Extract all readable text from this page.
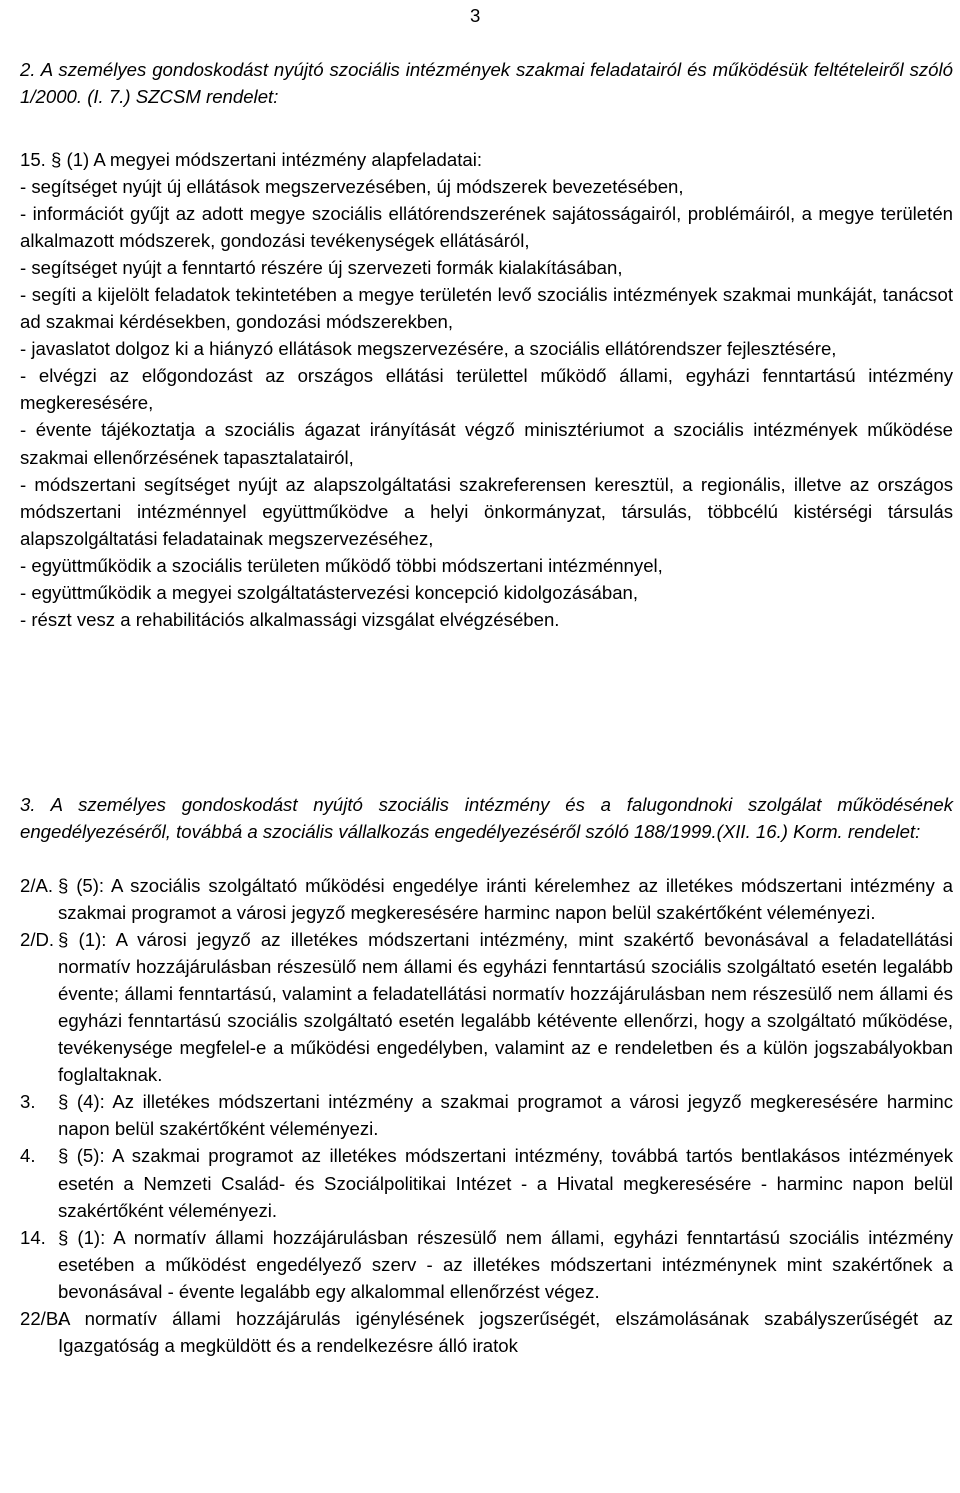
3
2. A személyes gondoskodást nyújtó szociális intézmények szakmai feladatairól és működésük feltételeiről szóló 1/2000. (I. 7.) SZCSM rendelet:
15. § (1) A megyei módszertani intézmény alapfeladatai:
- segítséget nyújt új ellátások megszervezésében, új módszerek bevezetésében,
- információt gyűjt az adott megye szociális ellátórendszerének sajátosságairól, problémáiról, a megye területén alkalmazott módszerek, gondozási tevékenységek ellátásáról,
- segítséget nyújt a fenntartó részére új szervezeti formák kialakításában,
- segíti a kijelölt feladatok tekintetében a megye területén levő szociális intézmények szakmai munkáját, tanácsot ad szakmai kérdésekben, gondozási módszerekben,
- javaslatot dolgoz ki a hiányzó ellátások megszervezésére, a szociális ellátórendszer fejlesztésére,
- elvégzi az előgondozást az országos ellátási területtel működő állami, egyházi fenntartású intézmény megkeresésére,
- évente tájékoztatja a szociális ágazat irányítását végző minisztériumot a szociális intézmények működése szakmai ellenőrzésének tapasztalatairól,
- módszertani segítséget nyújt az alapszolgáltatási szakreferensen keresztül, a regionális, illetve az országos módszertani intézménnyel együttműködve a helyi önkormányzat, társulás, többcélú kistérségi társulás alapszolgáltatási feladatainak megszervezéséhez,
- együttműködik a szociális területen működő többi módszertani intézménnyel,
- együttműködik a megyei szolgáltatástervezési koncepció kidolgozásában,
- részt vesz a rehabilitációs alkalmassági vizsgálat elvégzésében.
3. A személyes gondoskodást nyújtó szociális intézmény és a falugondnoki szolgálat működésének engedélyezéséről, továbbá a szociális vállalkozás engedélyezéséről szóló 188/1999.(XII. 16.) Korm. rendelet:
2/A. § (5): A szociális szolgáltató működési engedélye iránti kérelemhez az illetékes módszertani intézmény a szakmai programot a városi jegyző megkeresésére harminc napon belül szakértőként véleményezi.
2/D. § (1): A városi jegyző az illetékes módszertani intézmény, mint szakértő bevonásával a feladatellátási normatív hozzájárulásban részesülő nem állami és egyházi fenntartású szociális szolgáltató esetén legalább évente; állami fenntartású, valamint a feladatellátási normatív hozzájárulásban nem részesülő nem állami és egyházi fenntartású szociális szolgáltató esetén legalább kétévente ellenőrzi, hogy a szolgáltató működése, tevékenysége megfelel-e a működési engedélyben, valamint az e rendeletben és a külön jogszabályokban foglaltaknak.
3. § (4): Az illetékes módszertani intézmény a szakmai programot a városi jegyző megkeresésére harminc napon belül szakértőként véleményezi.
4. § (5): A szakmai programot az illetékes módszertani intézmény, továbbá tartós bentlakásos intézmények esetén a Nemzeti Család- és Szociálpolitikai Intézet - a Hivatal megkeresésére - harminc napon belül szakértőként véleményezi.
14. § (1): A normatív állami hozzájárulásban részesülő nem állami, egyházi fenntartású szociális intézmény esetében a működést engedélyező szerv - az illetékes módszertani intézménynek mint szakértőnek a bevonásával - évente legalább egy alkalommal ellenőrzést végez.
22/B.
A normatív állami hozzájárulás igénylésének jogszerűségét, elszámolásának szabályszerűségét az Igazgatóság a megküldött és a rendelkezésre álló iratok
